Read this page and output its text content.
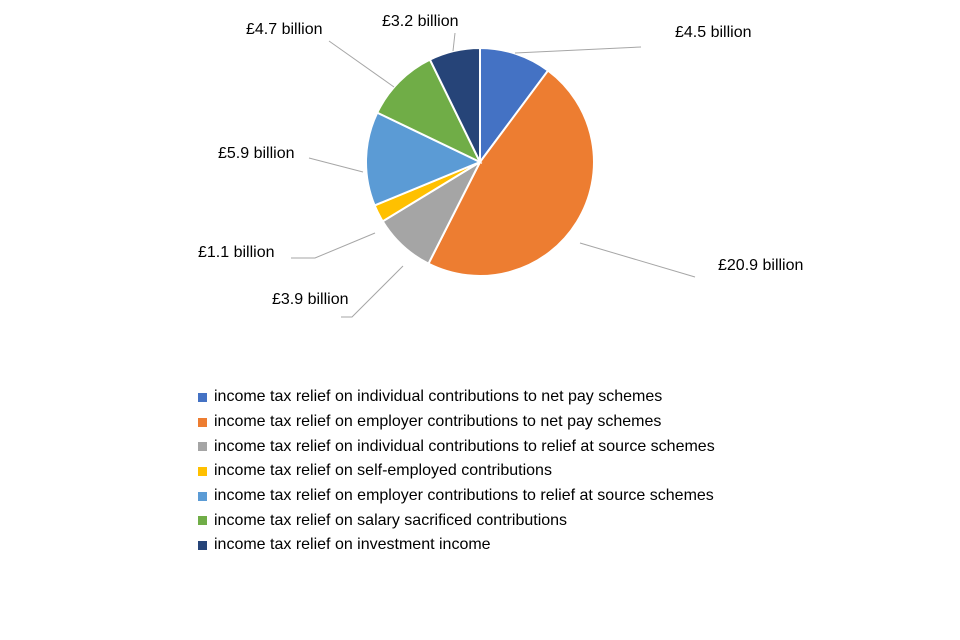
£4.5 billion
£20.9 billion
£3.9 billion
£1.1 billion
£5.9 billion
£4.7 billion	£3.2 billion
income tax relief on individual contributions to net pay schemes
income tax relief on employer contributions to net pay schemes
income tax relief on individual contributions to relief at source schemes
income tax relief on self-employed contributions
income tax relief on employer contributions to relief at source schemes
income tax relief on salary sacrificed contributions
income tax relief on investment income
